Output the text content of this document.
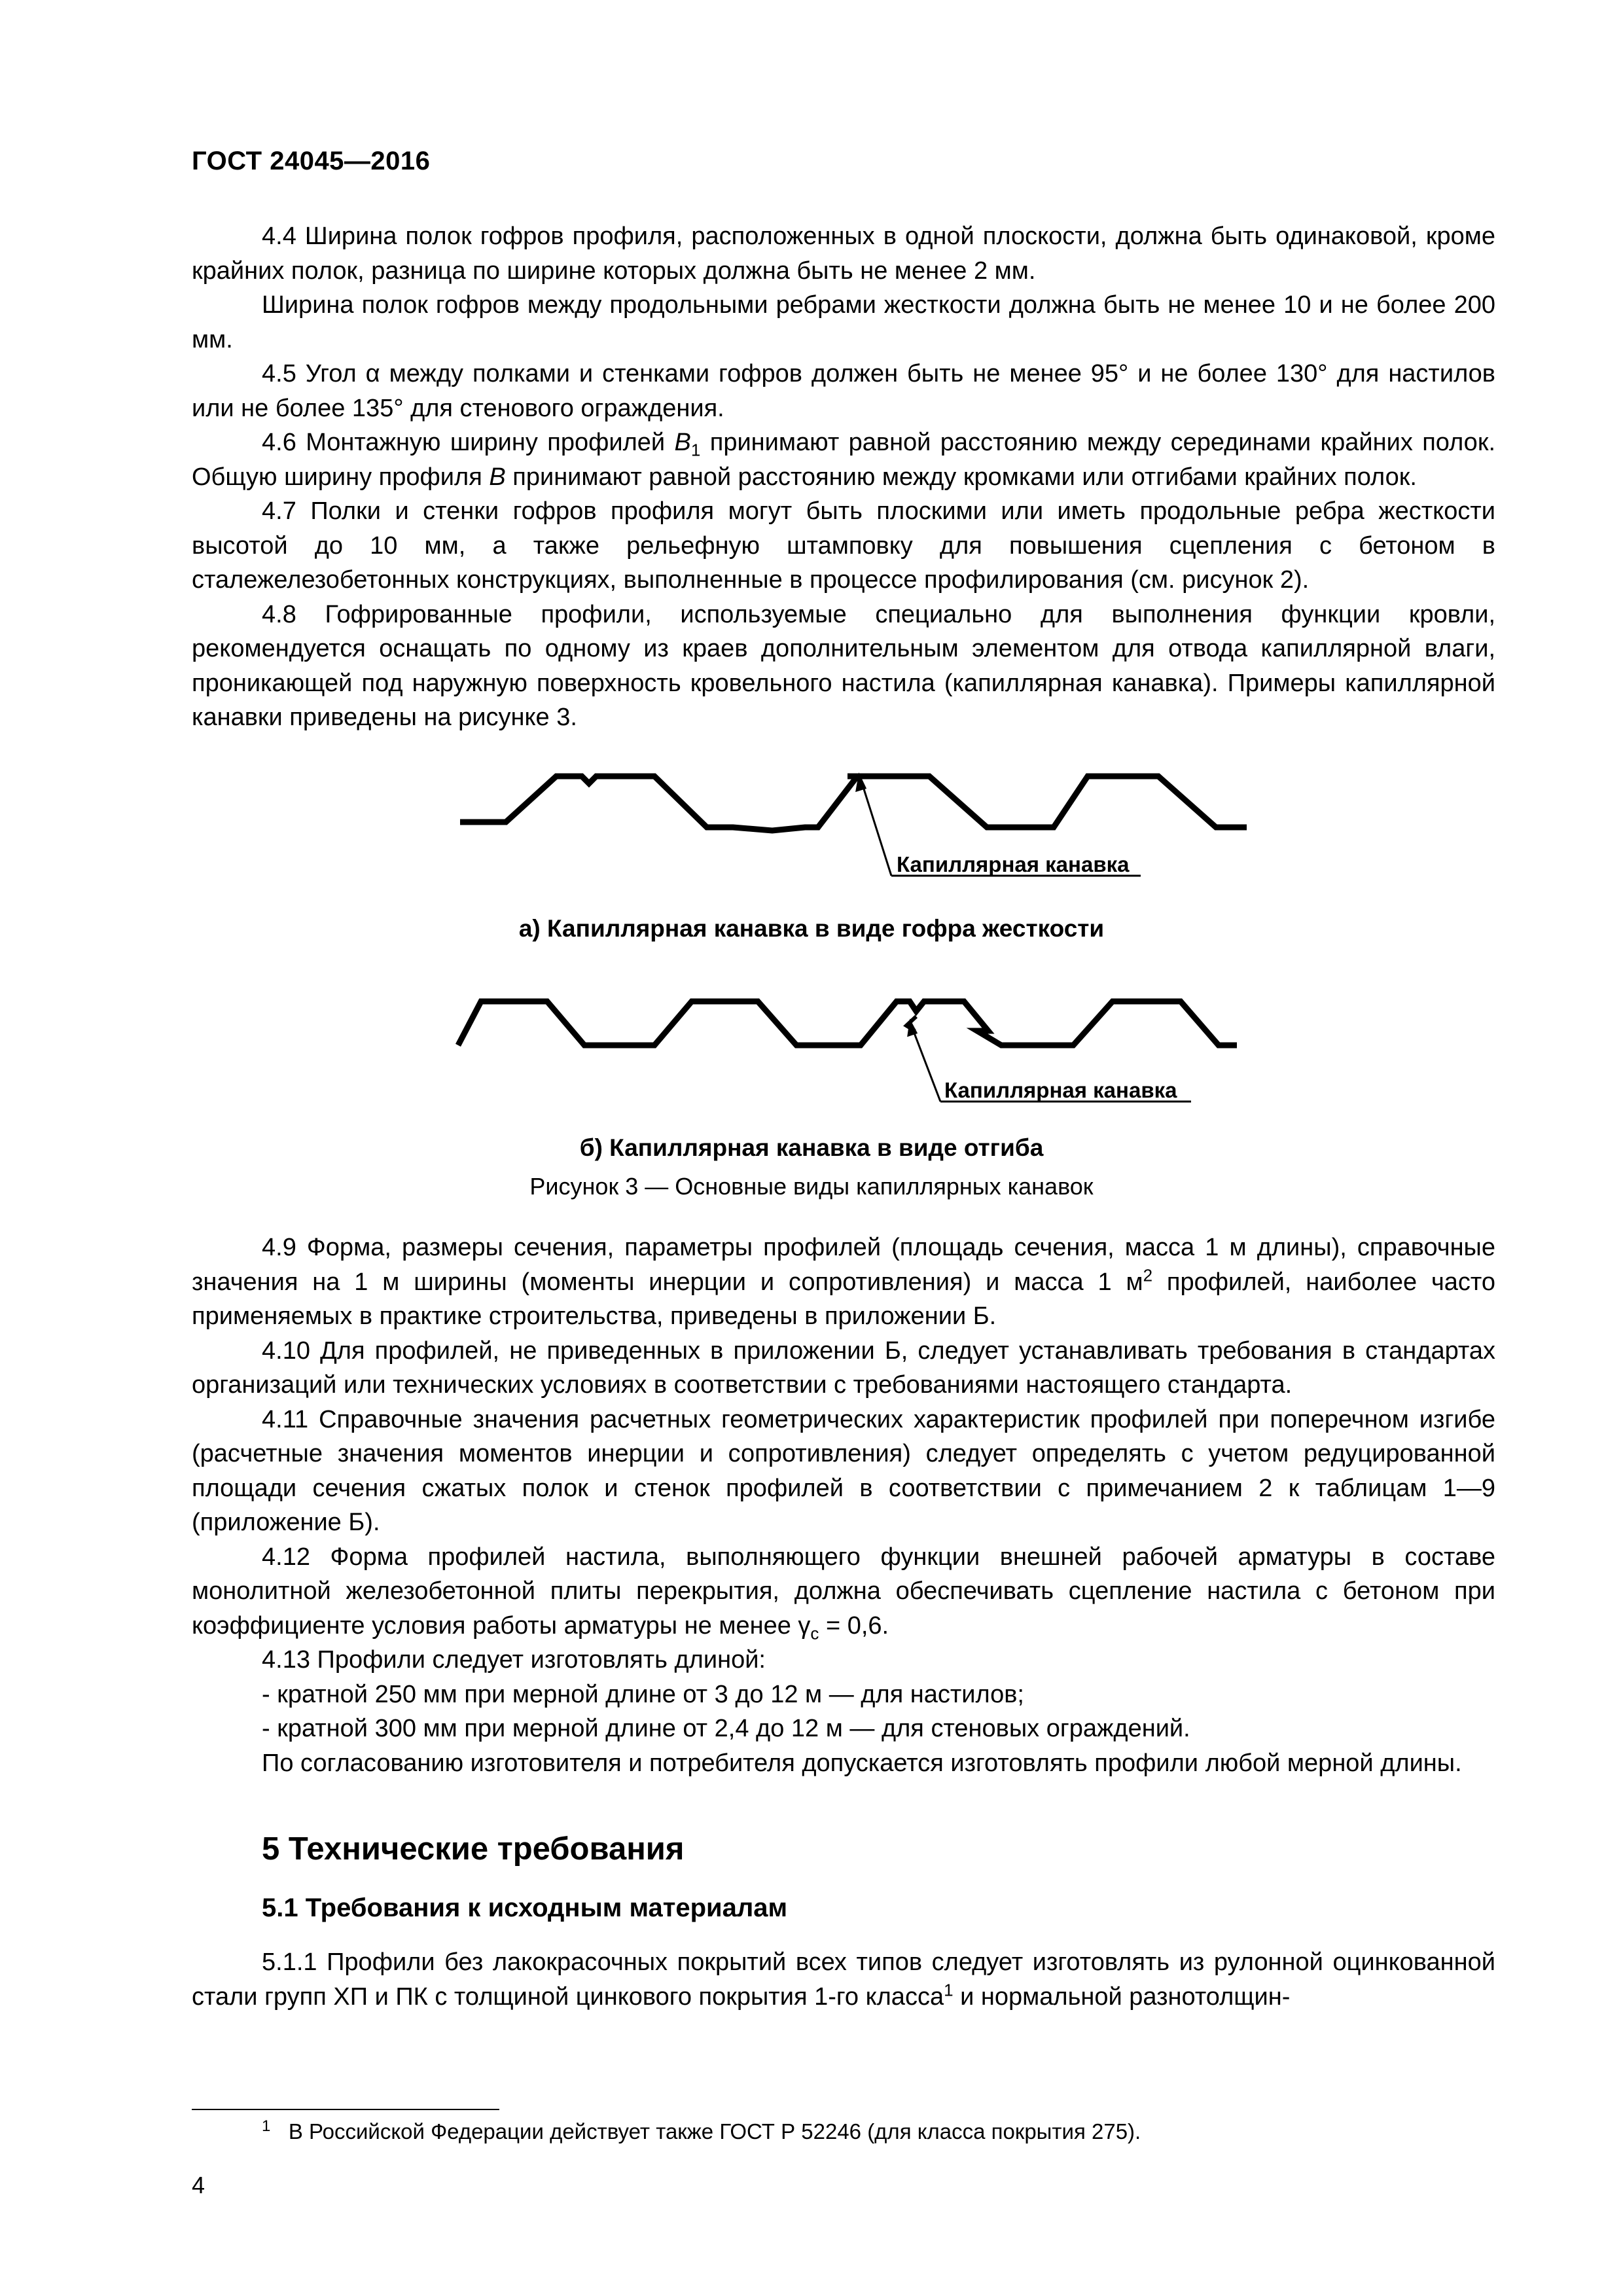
ГОСТ 24045—2016

4.4 Ширина полок гофров профиля, расположенных в одной плоскости, должна быть одинаковой, кроме крайних полок, разница по ширине которых должна быть не менее 2 мм.

Ширина полок гофров между продольными ребрами жесткости должна быть не менее 10 и не более 200 мм.

4.5 Угол α между полками и стенками гофров должен быть не менее 95° и не более 130° для настилов или не более 135° для стенового ограждения.

4.6 Монтажную ширину профилей $B_1$ принимают равной расстоянию между серединами крайних полок. Общую ширину профиля B принимают равной расстоянию между кромками или отгибами крайних полок.

4.7 Полки и стенки гофров профиля могут быть плоскими или иметь продольные ребра жесткости высотой до 10 мм, а также рельефную штамповку для повышения сцепления с бетоном в сталежелезобетонных конструкциях, выполненные в процессе профилирования (см. рисунок 2).

4.8 Гофрированные профили, используемые специально для выполнения функции кровли, рекомендуется оснащать по одному из краев дополнительным элементом для отвода капиллярной влаги, проникающей под наружную поверхность кровельного настила (капиллярная канавка). Примеры капиллярной канавки приведены на рисунке 3.

Капиллярная канавка
Капиллярная канавка
а) Капиллярная канавка в виде гофра жесткости
б) Капиллярная канавка в виде отгиба
Рисунок 3 — Основные виды капиллярных канавок

4.9 Форма, размеры сечения, параметры профилей (площадь сечения, масса 1 м длины), справочные значения на 1 м ширины (моменты инерции и сопротивления) и масса 1 $м^2$ профилей, наиболее часто применяемых в практике строительства, приведены в приложении Б.

4.10 Для профилей, не приведенных в приложении Б, следует устанавливать требования в стандартах организаций или технических условиях в соответствии с требованиями настоящего стандарта.

4.11 Справочные значения расчетных геометрических характеристик профилей при поперечном изгибе (расчетные значения моментов инерции и сопротивления) следует определять с учетом редуцированной площади сечения сжатых полок и стенок профилей в соответствии с примечанием 2 к таблицам 1—9 (приложение Б).

4.12 Форма профилей настила, выполняющего функции внешней рабочей арматуры в составе монолитной железобетонной плиты перекрытия, должна обеспечивать сцепление настила с бетоном при коэффициенте условия работы арматуры не менее $\gamma_c = 0,6$.

4.13 Профили следует изготовлять длиной:

- кратной 250 мм при мерной длине от 3 до 12 м — для настилов;

- кратной 300 мм при мерной длине от 2,4 до 12 м — для стеновых ограждений.

По согласованию изготовителя и потребителя допускается изготовлять профили любой мерной длины.

5 Технические требования
5.1 Требования к исходным материалам

5.1.1 Профили без лакокрасочных покрытий всех типов следует изготовлять из рулонной оцинкованной стали групп ХП и ПК с толщиной цинкового покрытия 1-го класса$^1$ и нормальной разнотолщин-

$^1$ В Российской Федерации действует также ГОСТ Р 52246 (для класса покрытия 275).
4
